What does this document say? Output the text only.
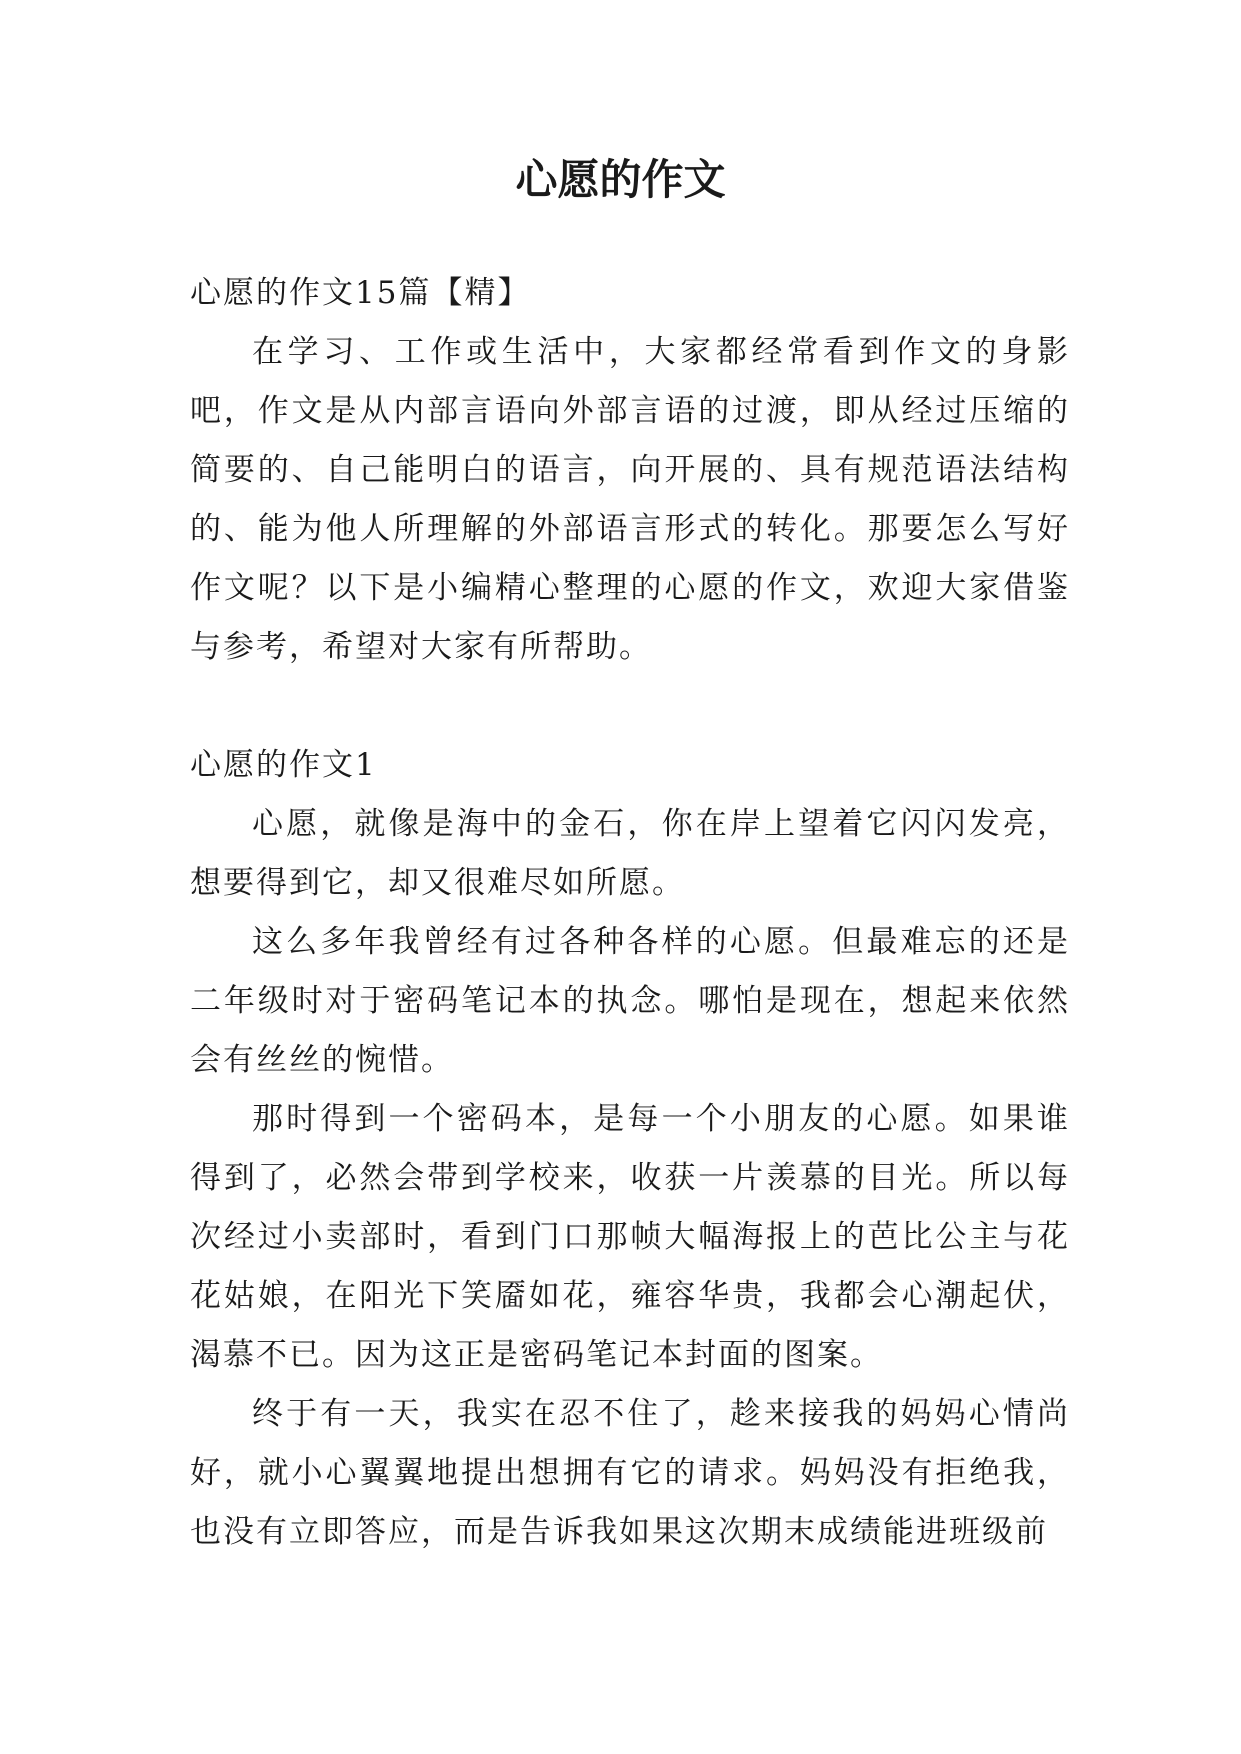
心愿的作文

心愿的作文15篇【精】

在学习、工作或生活中，大家都经常看到作文的身影吧，作文是从内部言语向外部言语的过渡，即从经过压缩的简要的、自己能明白的语言，向开展的、具有规范语法结构的、能为他人所理解的外部语言形式的转化。那要怎么写好作文呢？以下是小编精心整理的心愿的作文，欢迎大家借鉴与参考，希望对大家有所帮助。

心愿的作文1

心愿，就像是海中的金石，你在岸上望着它闪闪发亮，想要得到它，却又很难尽如所愿。

这么多年我曾经有过各种各样的心愿。但最难忘的还是二年级时对于密码笔记本的执念。哪怕是现在，想起来依然会有丝丝的惋惜。

那时得到一个密码本，是每一个小朋友的心愿。如果谁得到了，必然会带到学校来，收获一片羡慕的目光。所以每次经过小卖部时，看到门口那帧大幅海报上的芭比公主与花花姑娘，在阳光下笑靥如花，雍容华贵，我都会心潮起伏，渴慕不已。因为这正是密码笔记本封面的图案。

终于有一天，我实在忍不住了，趁来接我的妈妈心情尚好，就小心翼翼地提出想拥有它的请求。妈妈没有拒绝我，也没有立即答应，而是告诉我如果这次期末成绩能进班级前
